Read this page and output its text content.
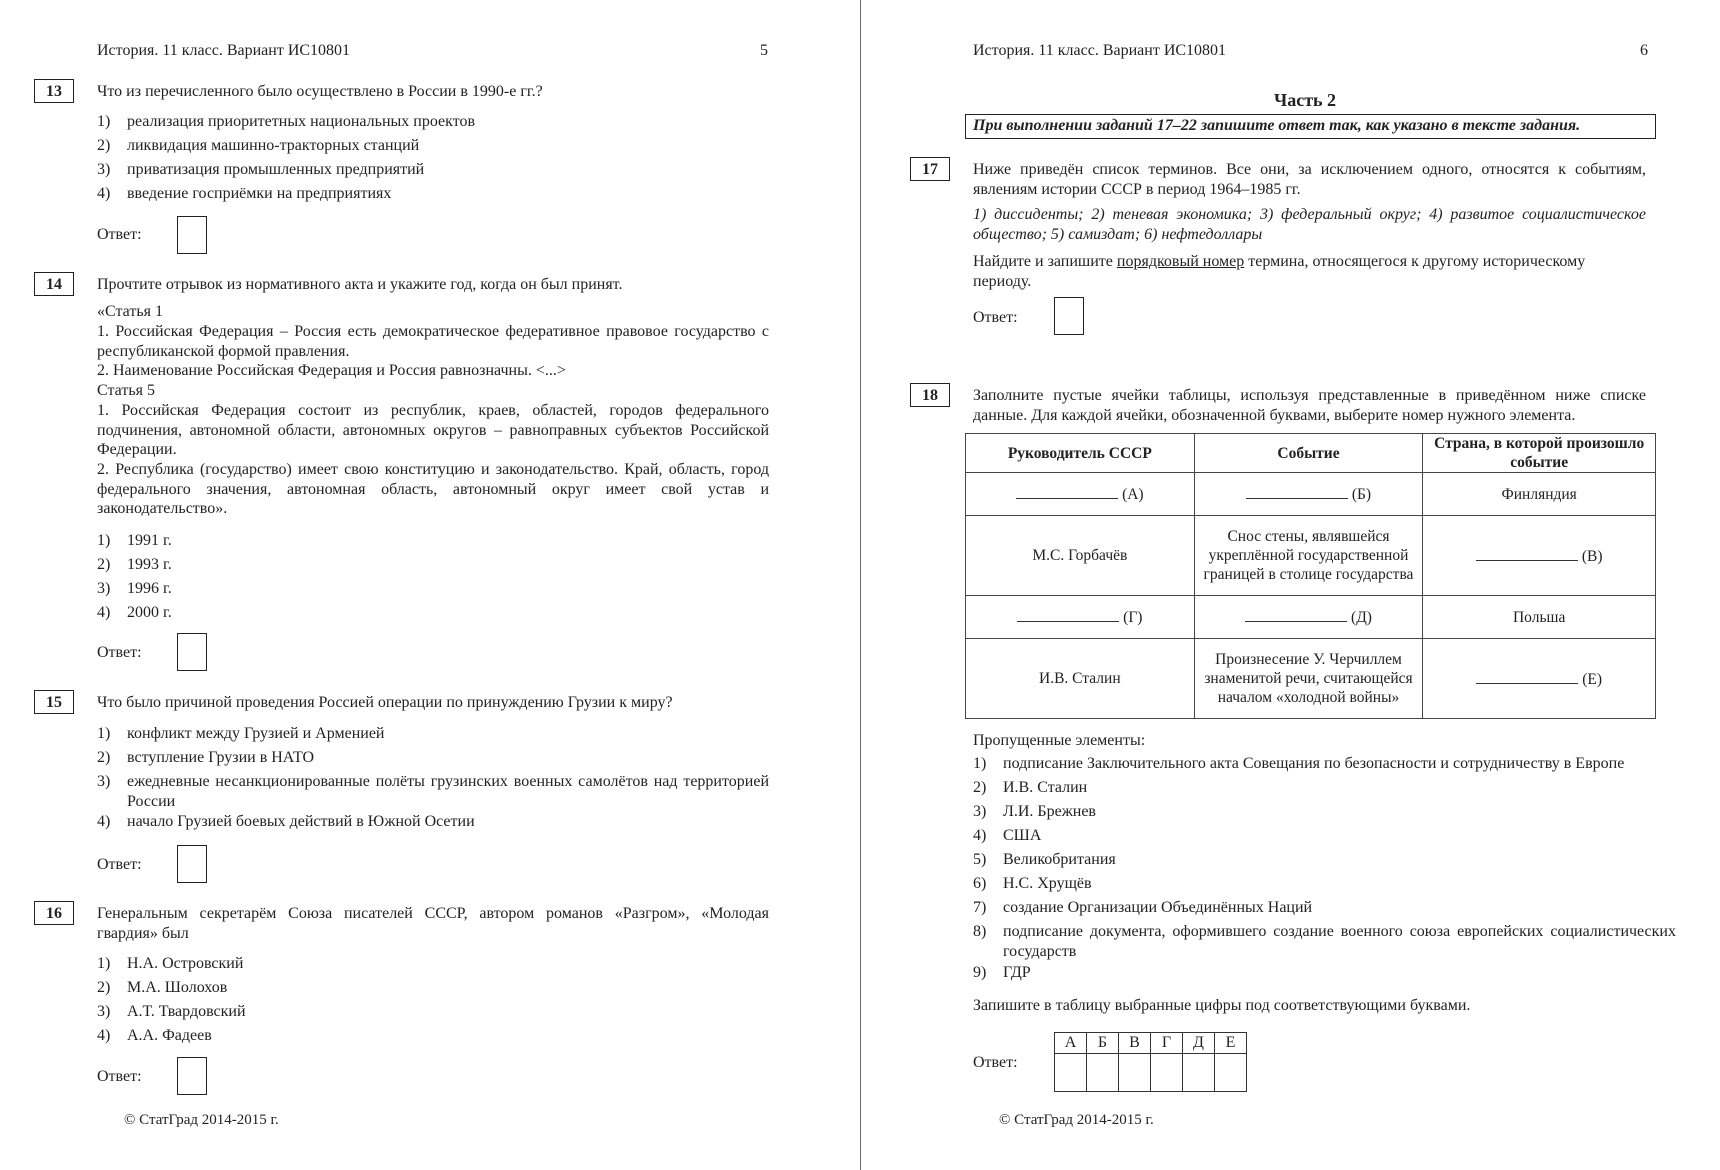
История. 11 класс. Вариант ИС10801	5
13	Что из перечисленного было осуществлено в России в 1990-е гг.?
1) реализация приоритетных национальных проектов
2) ликвидация машинно-тракторных станций
3) приватизация промышленных предприятий
4) введение госприёмки на предприятиях
Ответ:
14	Прочтите отрывок из нормативного акта и укажите год, когда он был принят.
«Статья 1
1. Российская Федерация – Россия есть демократическое федеративное правовое государство с республиканской формой правления.
2. Наименование Российская Федерация и Россия равнозначны. <...>
Статья 5
1. Российская Федерация состоит из республик, краев, областей, городов федерального подчинения, автономной области, автономных округов – равноправных субъектов Российской Федерации.
2. Республика (государство) имеет свою конституцию и законодательство. Край, область, город федерального значения, автономная область, автономный округ имеет свой устав и законодательство».
1) 1991 г.
2) 1993 г.
3) 1996 г.
4) 2000 г.
Ответ:
15	Что было причиной проведения Россией операции по принуждению Грузии к миру?
1) конфликт между Грузией и Арменией
2) вступление Грузии в НАТО
3) ежедневные несанкционированные полёты грузинских военных самолётов над территорией России
4) начало Грузией боевых действий в Южной Осетии
Ответ:
16	Генеральным секретарём Союза писателей СССР, автором романов «Разгром», «Молодая гвардия» был
1) Н.А. Островский
2) М.А. Шолохов
3) А.Т. Твардовский
4) А.А. Фадеев
Ответ:
© СтатГрад 2014-2015 г.
История. 11 класс. Вариант ИС10801	6
Часть 2
При выполнении заданий 17–22 запишите ответ так, как указано в тексте задания.
17	Ниже приведён список терминов. Все они, за исключением одного, относятся к событиям, явлениям истории СССР в период 1964–1985 гг.
1) диссиденты; 2) теневая экономика; 3) федеральный округ; 4) развитое социалистическое общество; 5) самиздат; 6) нефтедоллары
Найдите и запишите порядковый номер термина, относящегося к другому историческому периоду.
Ответ:
18	Заполните пустые ячейки таблицы, используя представленные в приведённом ниже списке данные. Для каждой ячейки, обозначенной буквами, выберите номер нужного элемента.
Руководитель СССР	Событие	Страна, в которой произошло событие
(А)	(Б)	Финляндия
М.С. Горбачёв	Снос стены, являвшейся укреплённой государственной границей в столице государства	(В)
(Г)	(Д)	Польша
И.В. Сталин	Произнесение У. Черчиллем знаменитой речи, считающейся началом «холодной войны»	(Е)
Пропущенные элементы:
1) подписание Заключительного акта Совещания по безопасности и сотрудничеству в Европе
2) И.В. Сталин
3) Л.И. Брежнев
4) США
5) Великобритания
6) Н.С. Хрущёв
7) создание Организации Объединённых Наций
8) подписание документа, оформившего создание военного союза европейских социалистических государств
9) ГДР
Запишите в таблицу выбранные цифры под соответствующими буквами.
Ответ:
А	Б	В	Г	Д	Е

© СтатГрад 2014-2015 г.
